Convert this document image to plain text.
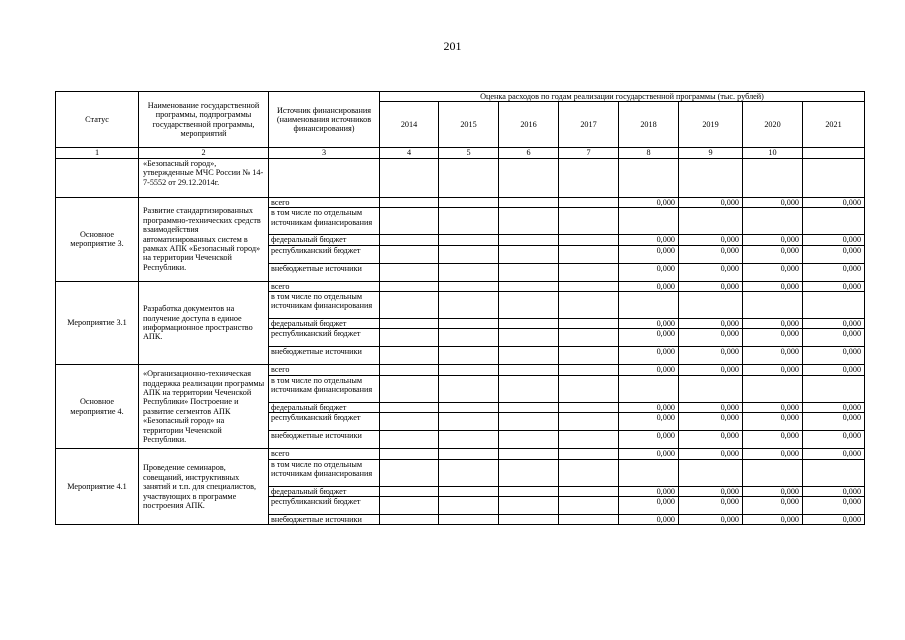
201
Статус	Наименование государственной программы, подпрограммы государственной программы, мероприятий	Источник финансирования (наименования источников финансирования)	Оценка расходов по годам реализации государственной программы (тыс. рублей)							
			2014	2015	2016	2017	2018	2019	2020	2021
1	2	3	4	5	6	7	8	9	10	
	«Безопасный город», утвержденные МЧС России № 14-7-5552 от 29.12.2014г.									
Основное мероприятие 3.	Развитие стандартизированных программно-технических средств взаимодействия автоматизированных систем в рамках АПК «Безопасный город» на территории Чеченской Республики.	всего					0,000	0,000	0,000	0,000
		в том числе по отдельным источникам финансирования								
		федеральный бюджет					0,000	0,000	0,000	0,000
		республиканский бюджет					0,000	0,000	0,000	0,000
		внебюджетные источники					0,000	0,000	0,000	0,000
Мероприятие 3.1	Разработка документов на получение доступа в единое информационное пространство АПК.	всего					0,000	0,000	0,000	0,000
		в том числе по отдельным источникам финансирования								
		федеральный бюджет					0,000	0,000	0,000	0,000
		республиканский бюджет					0,000	0,000	0,000	0,000
		внебюджетные источники					0,000	0,000	0,000	0,000
Основное мероприятие 4.	«Организационно-техническая поддержка реализации программы АПК на территории Чеченской Республики» Построение и развитие сегментов АПК «Безопасный город» на территории Чеченской Республики.	всего					0,000	0,000	0,000	0,000
		в том числе по отдельным источникам финансирования								
		федеральный бюджет					0,000	0,000	0,000	0,000
		республиканский бюджет					0,000	0,000	0,000	0,000
		внебюджетные источники					0,000	0,000	0,000	0,000
Мероприятие 4.1	Проведение семинаров, совещаний, инструктивных занятий и т.п. для специалистов, участвующих в программе построения АПК.	всего					0,000	0,000	0,000	0,000
		в том числе по отдельным источникам финансирования								
		федеральный бюджет					0,000	0,000	0,000	0,000
		республиканский бюджет					0,000	0,000	0,000	0,000
		внебюджетные источники					0,000	0,000	0,000	0,000
